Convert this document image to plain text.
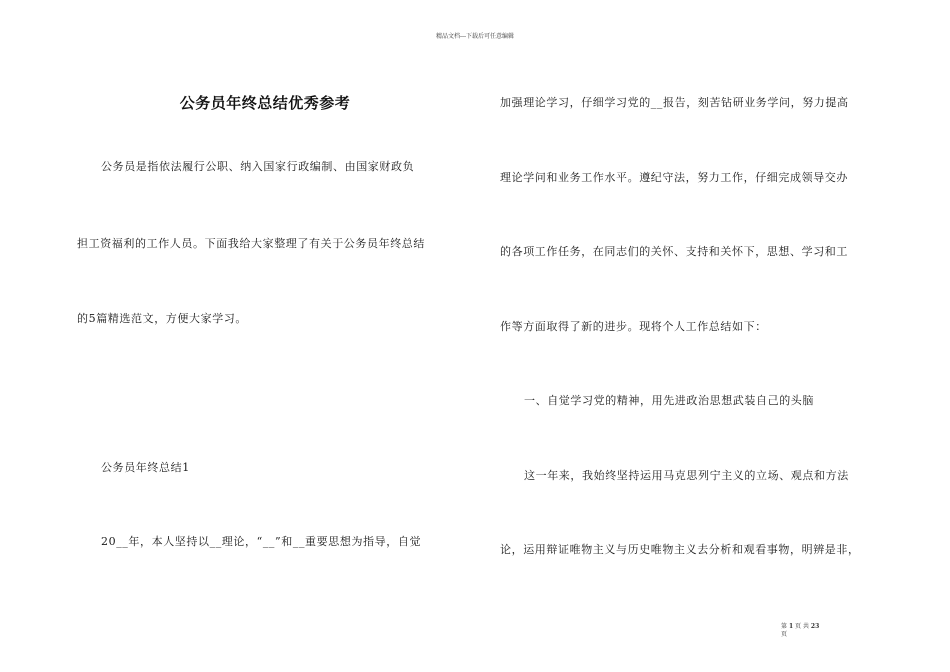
精品文档---下载后可任意编辑
公务员年终总结优秀参考
公务员是指依法履行公职、纳入国家行政编制、由国家财政负
担工资福利的工作人员。下面我给大家整理了有关于公务员年终总结
的5篇精选范文，方便大家学习。
公务员年终总结1
20__年，本人坚持以__理论，“__”和__重要思想为指导，自觉
加强理论学习，仔细学习党的__报告，刻苦钻研业务学问，努力提高
理论学问和业务工作水平。遵纪守法，努力工作，仔细完成领导交办
的各项工作任务，在同志们的关怀、支持和关怀下，思想、学习和工
作等方面取得了新的进步。现将个人工作总结如下：
一、自觉学习党的精神，用先进政治思想武装自己的头脑
这一年来，我始终坚持运用马克思列宁主义的立场、观点和方法
论，运用辩证唯物主义与历史唯物主义去分析和观看事物，明辨是非，
第 1 页 共 23
页
